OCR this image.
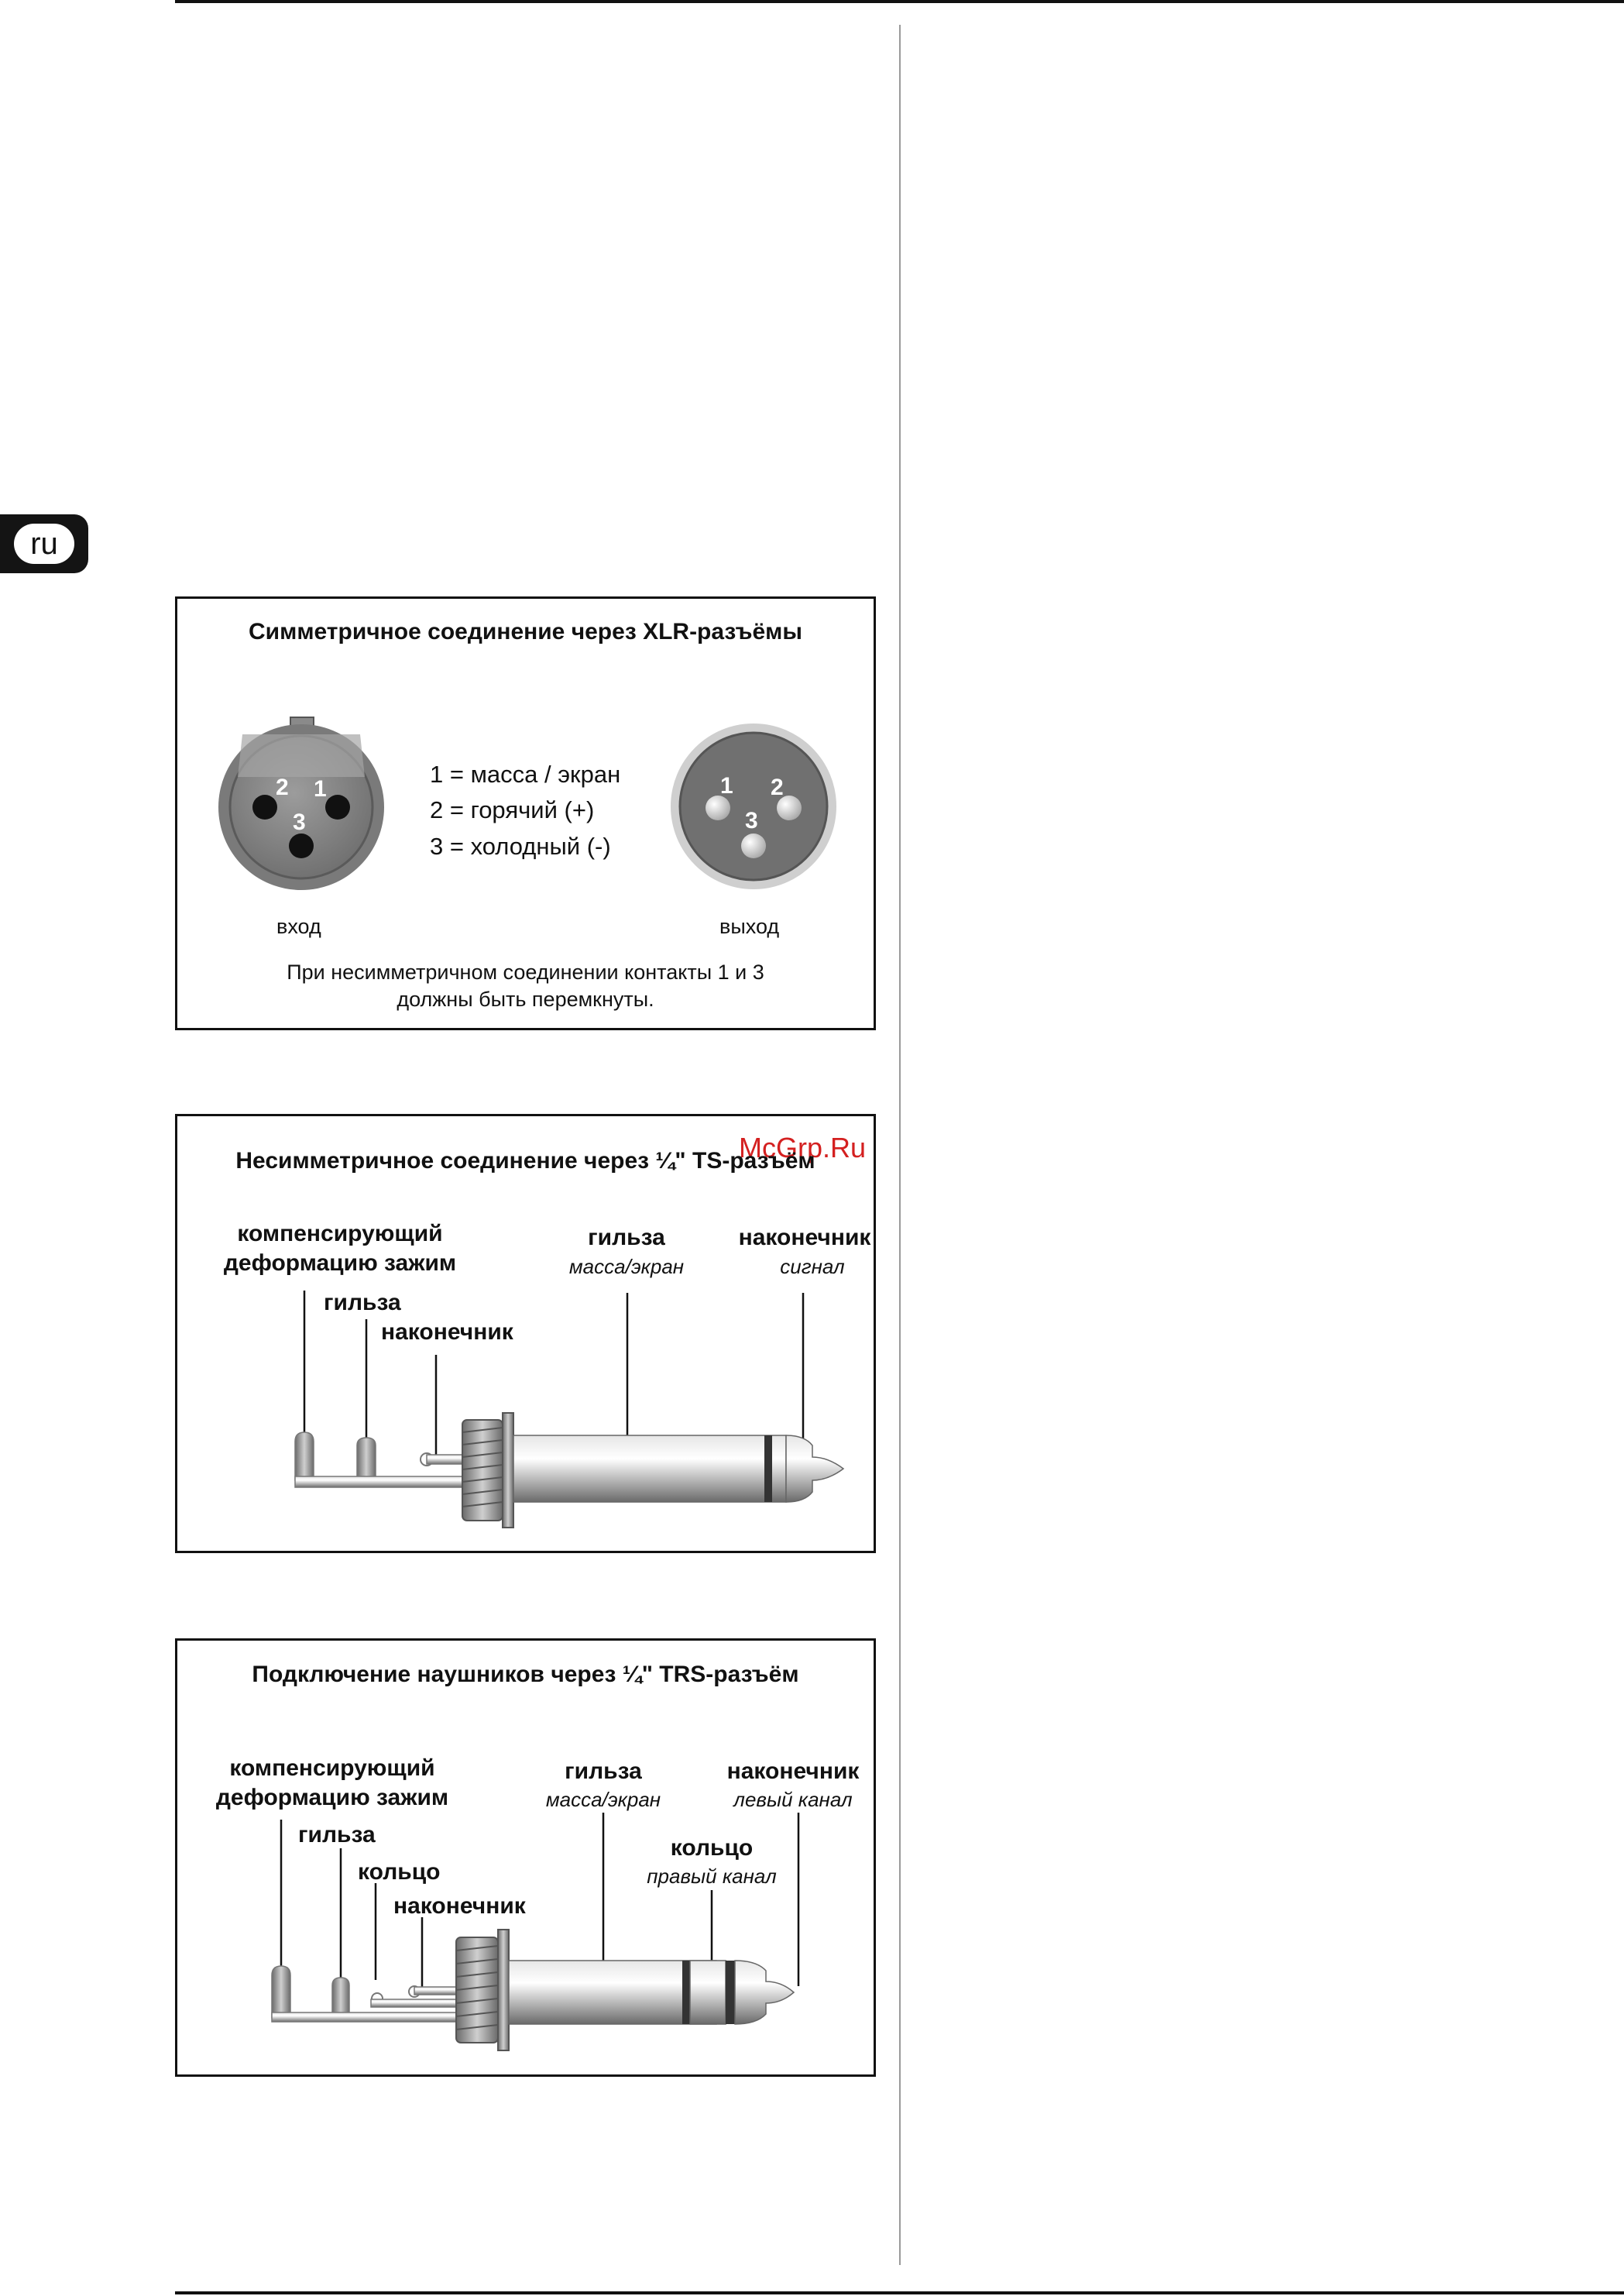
ru
McGrp.Ru
Симметричное соединение через XLR-разъёмы
2 1
3
1 2
3
1 = масса / экран
2 = горячий (+)
3 = холодный (-)
вход	выход
При несимметричном соединении контакты 1 и 3
должны быть перемкнуты.
Несимметричное соединение через ¼" TS-разъём
компенсирующий
деформацию зажим
гильза
наконечник
гильза
масса/экран
наконечник
сигнал
Подключение наушников через ¼" TRS-разъём
компенсирующий
деформацию зажим
гильза
кольцо
наконечник
гильза
масса/экран
кольцо
правый канал
наконечник
левый канал
